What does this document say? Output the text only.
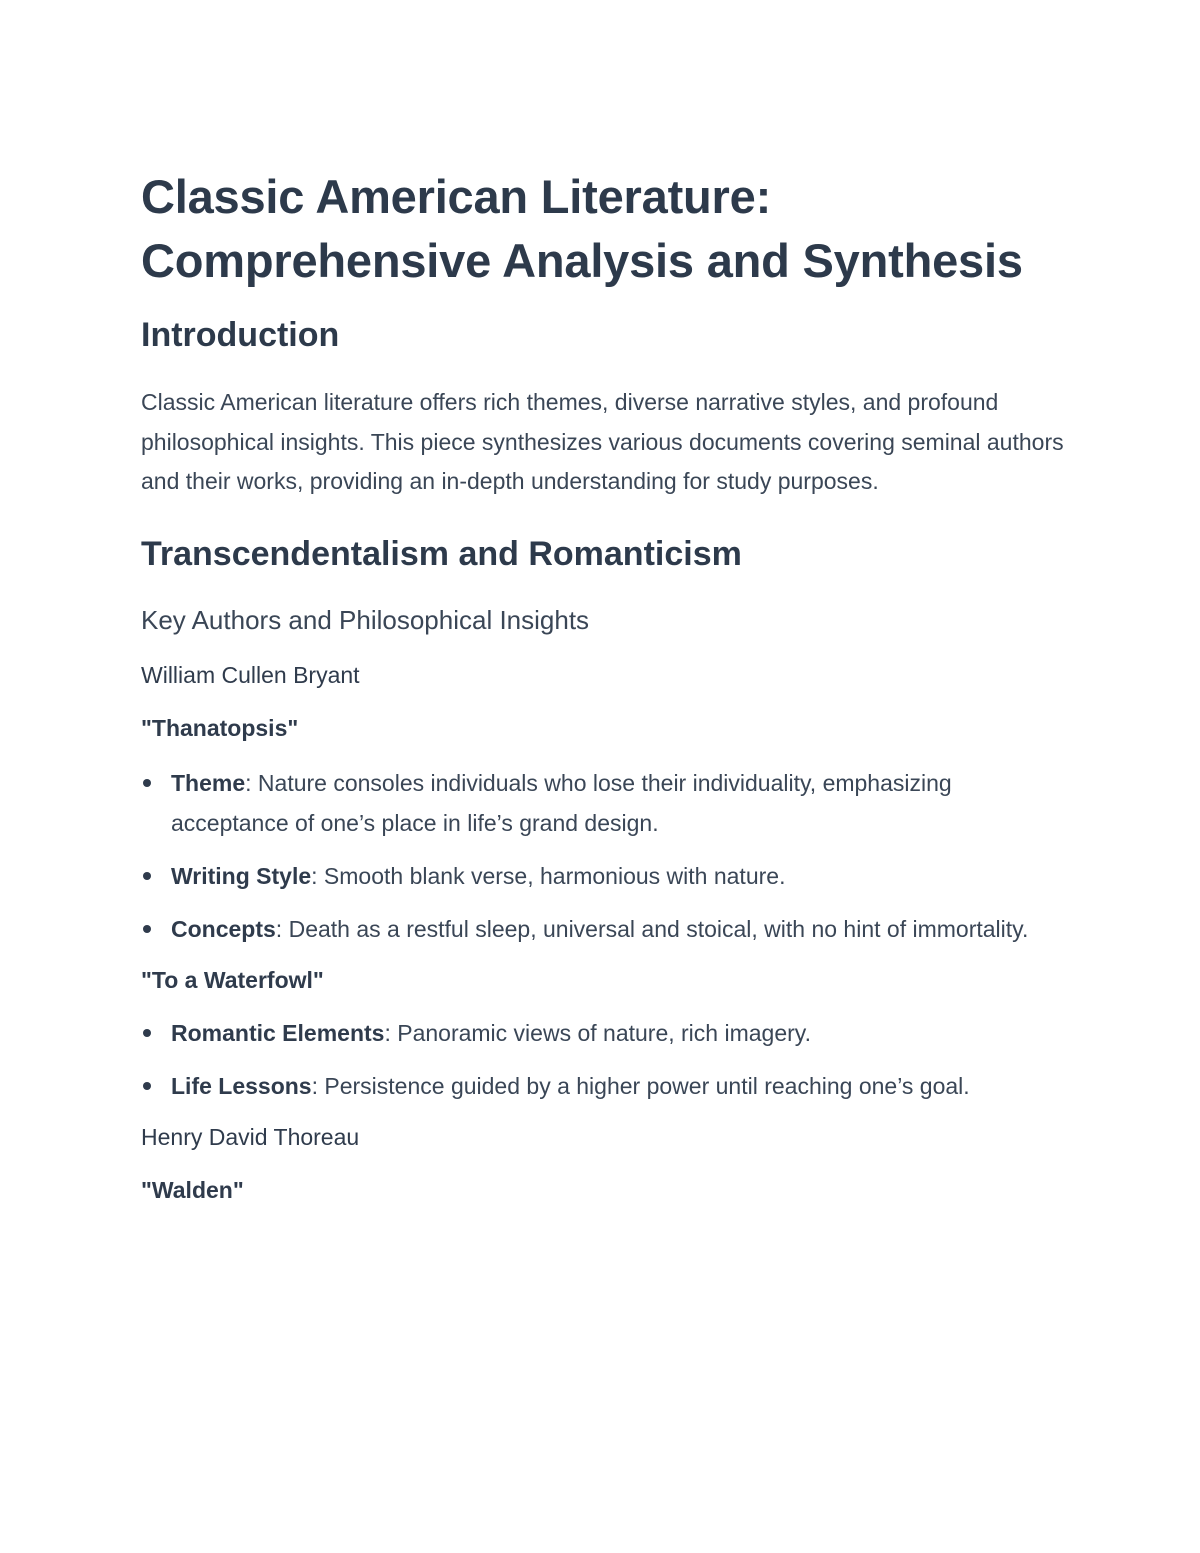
Classic American Literature:
Comprehensive Analysis and Synthesis
Introduction

Classic American literature offers rich themes, diverse narrative styles, and profound philosophical insights. This piece synthesizes various documents covering seminal authors and their works, providing an in-depth understanding for study purposes.

Transcendentalism and Romanticism
Key Authors and Philosophical Insights
William Cullen Bryant
"Thanatopsis"
Theme: Nature consoles individuals who lose their individuality, emphasizing acceptance of one’s place in life’s grand design.
Writing Style: Smooth blank verse, harmonious with nature.
Concepts: Death as a restful sleep, universal and stoical, with no hint of immortality.
"To a Waterfowl"
Romantic Elements: Panoramic views of nature, rich imagery.
Life Lessons: Persistence guided by a higher power until reaching one’s goal.
Henry David Thoreau
"Walden"
